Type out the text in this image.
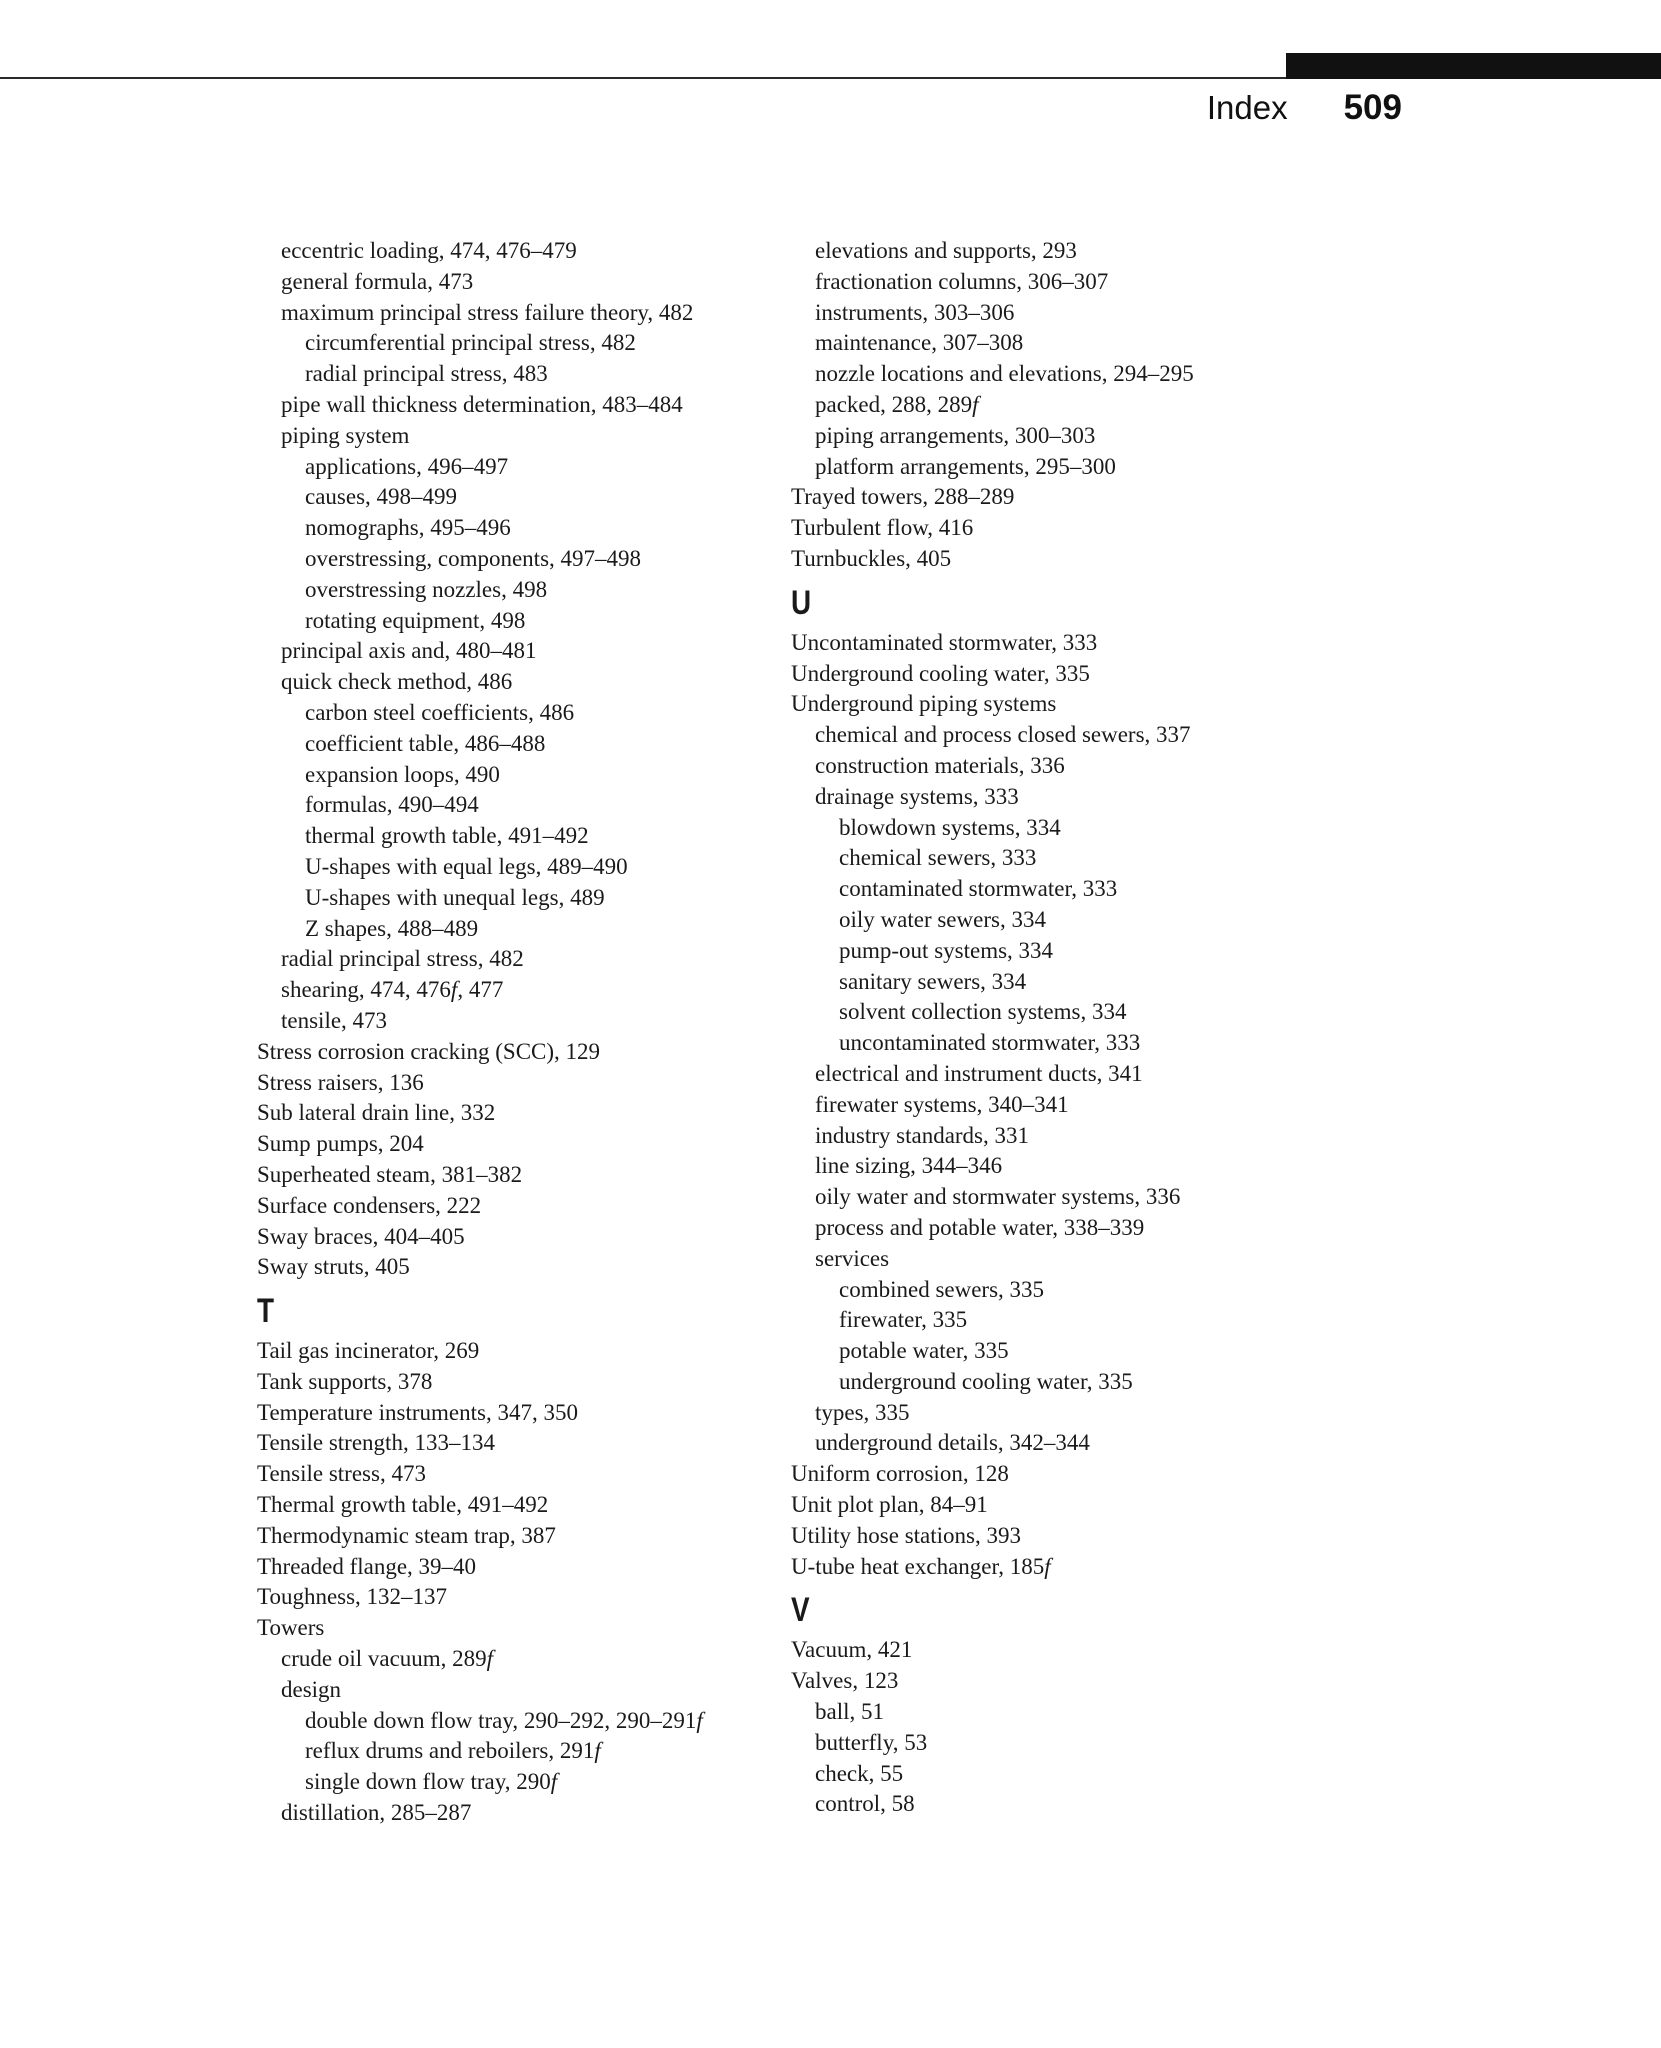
Index 509
eccentric loading, 474, 476–479
general formula, 473
maximum principal stress failure theory, 482
circumferential principal stress, 482
radial principal stress, 483
pipe wall thickness determination, 483–484
piping system
applications, 496–497
causes, 498–499
nomographs, 495–496
overstressing, components, 497–498
overstressing nozzles, 498
rotating equipment, 498
principal axis and, 480–481
quick check method, 486
carbon steel coefficients, 486
coefficient table, 486–488
expansion loops, 490
formulas, 490–494
thermal growth table, 491–492
U-shapes with equal legs, 489–490
U-shapes with unequal legs, 489
Z shapes, 488–489
radial principal stress, 482
shearing, 474, 476f, 477
tensile, 473
Stress corrosion cracking (SCC), 129
Stress raisers, 136
Sub lateral drain line, 332
Sump pumps, 204
Superheated steam, 381–382
Surface condensers, 222
Sway braces, 404–405
Sway struts, 405
T
Tail gas incinerator, 269
Tank supports, 378
Temperature instruments, 347, 350
Tensile strength, 133–134
Tensile stress, 473
Thermal growth table, 491–492
Thermodynamic steam trap, 387
Threaded flange, 39–40
Toughness, 132–137
Towers
crude oil vacuum, 289f
design
double down flow tray, 290–292, 290–291f
reflux drums and reboilers, 291f
single down flow tray, 290f
distillation, 285–287
elevations and supports, 293
fractionation columns, 306–307
instruments, 303–306
maintenance, 307–308
nozzle locations and elevations, 294–295
packed, 288, 289f
piping arrangements, 300–303
platform arrangements, 295–300
Trayed towers, 288–289
Turbulent flow, 416
Turnbuckles, 405
U
Uncontaminated stormwater, 333
Underground cooling water, 335
Underground piping systems
chemical and process closed sewers, 337
construction materials, 336
drainage systems, 333
blowdown systems, 334
chemical sewers, 333
contaminated stormwater, 333
oily water sewers, 334
pump-out systems, 334
sanitary sewers, 334
solvent collection systems, 334
uncontaminated stormwater, 333
electrical and instrument ducts, 341
firewater systems, 340–341
industry standards, 331
line sizing, 344–346
oily water and stormwater systems, 336
process and potable water, 338–339
services
combined sewers, 335
firewater, 335
potable water, 335
underground cooling water, 335
types, 335
underground details, 342–344
Uniform corrosion, 128
Unit plot plan, 84–91
Utility hose stations, 393
U-tube heat exchanger, 185f
V
Vacuum, 421
Valves, 123
ball, 51
butterfly, 53
check, 55
control, 58
